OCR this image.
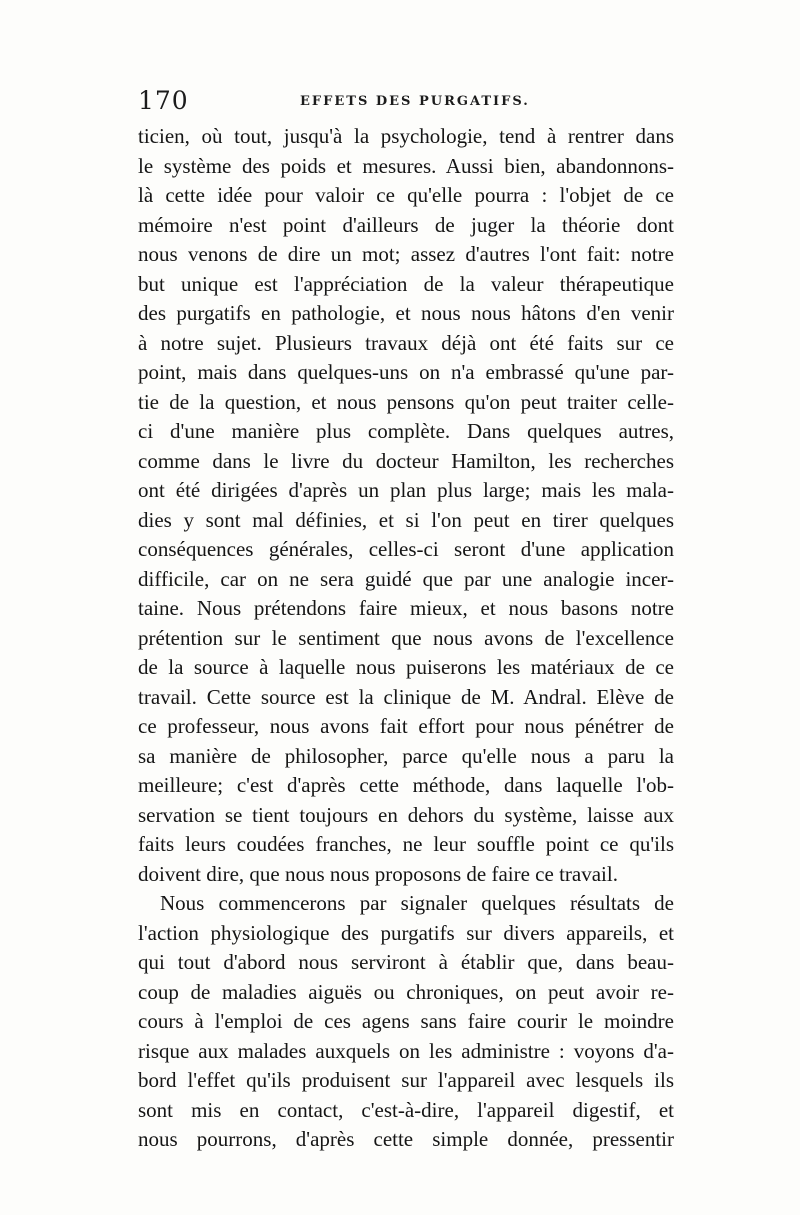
170	EFFETS DES PURGATIFS.
ticien, où tout, jusqu'à la psychologie, tend à rentrer dans
le système des poids et mesures. Aussi bien, abandonnons-
là cette idée pour valoir ce qu'elle pourra : l'objet de ce
mémoire n'est point d'ailleurs de juger la théorie dont
nous venons de dire un mot; assez d'autres l'ont fait: notre
but unique est l'appréciation de la valeur thérapeutique
des purgatifs en pathologie, et nous nous hâtons d'en venir
à notre sujet. Plusieurs travaux déjà ont été faits sur ce
point, mais dans quelques-uns on n'a embrassé qu'une par-
tie de la question, et nous pensons qu'on peut traiter celle-
ci d'une manière plus complète. Dans quelques autres,
comme dans le livre du docteur Hamilton, les recherches
ont été dirigées d'après un plan plus large; mais les mala-
dies y sont mal définies, et si l'on peut en tirer quelques
conséquences générales, celles-ci seront d'une application
difficile, car on ne sera guidé que par une analogie incer-
taine. Nous prétendons faire mieux, et nous basons notre
prétention sur le sentiment que nous avons de l'excellence
de la source à laquelle nous puiserons les matériaux de ce
travail. Cette source est la clinique de M. Andral. Elève de
ce professeur, nous avons fait effort pour nous pénétrer de
sa manière de philosopher, parce qu'elle nous a paru la
meilleure; c'est d'après cette méthode, dans laquelle l'ob-
servation se tient toujours en dehors du système, laisse aux
faits leurs coudées franches, ne leur souffle point ce qu'ils
doivent dire, que nous nous proposons de faire ce travail.
Nous commencerons par signaler quelques résultats de
l'action physiologique des purgatifs sur divers appareils, et
qui tout d'abord nous serviront à établir que, dans beau-
coup de maladies aiguës ou chroniques, on peut avoir re-
cours à l'emploi de ces agens sans faire courir le moindre
risque aux malades auxquels on les administre : voyons d'a-
bord l'effet qu'ils produisent sur l'appareil avec lesquels ils
sont mis en contact, c'est-à-dire, l'appareil digestif, et
nous pourrons, d'après cette simple donnée, pressentir
